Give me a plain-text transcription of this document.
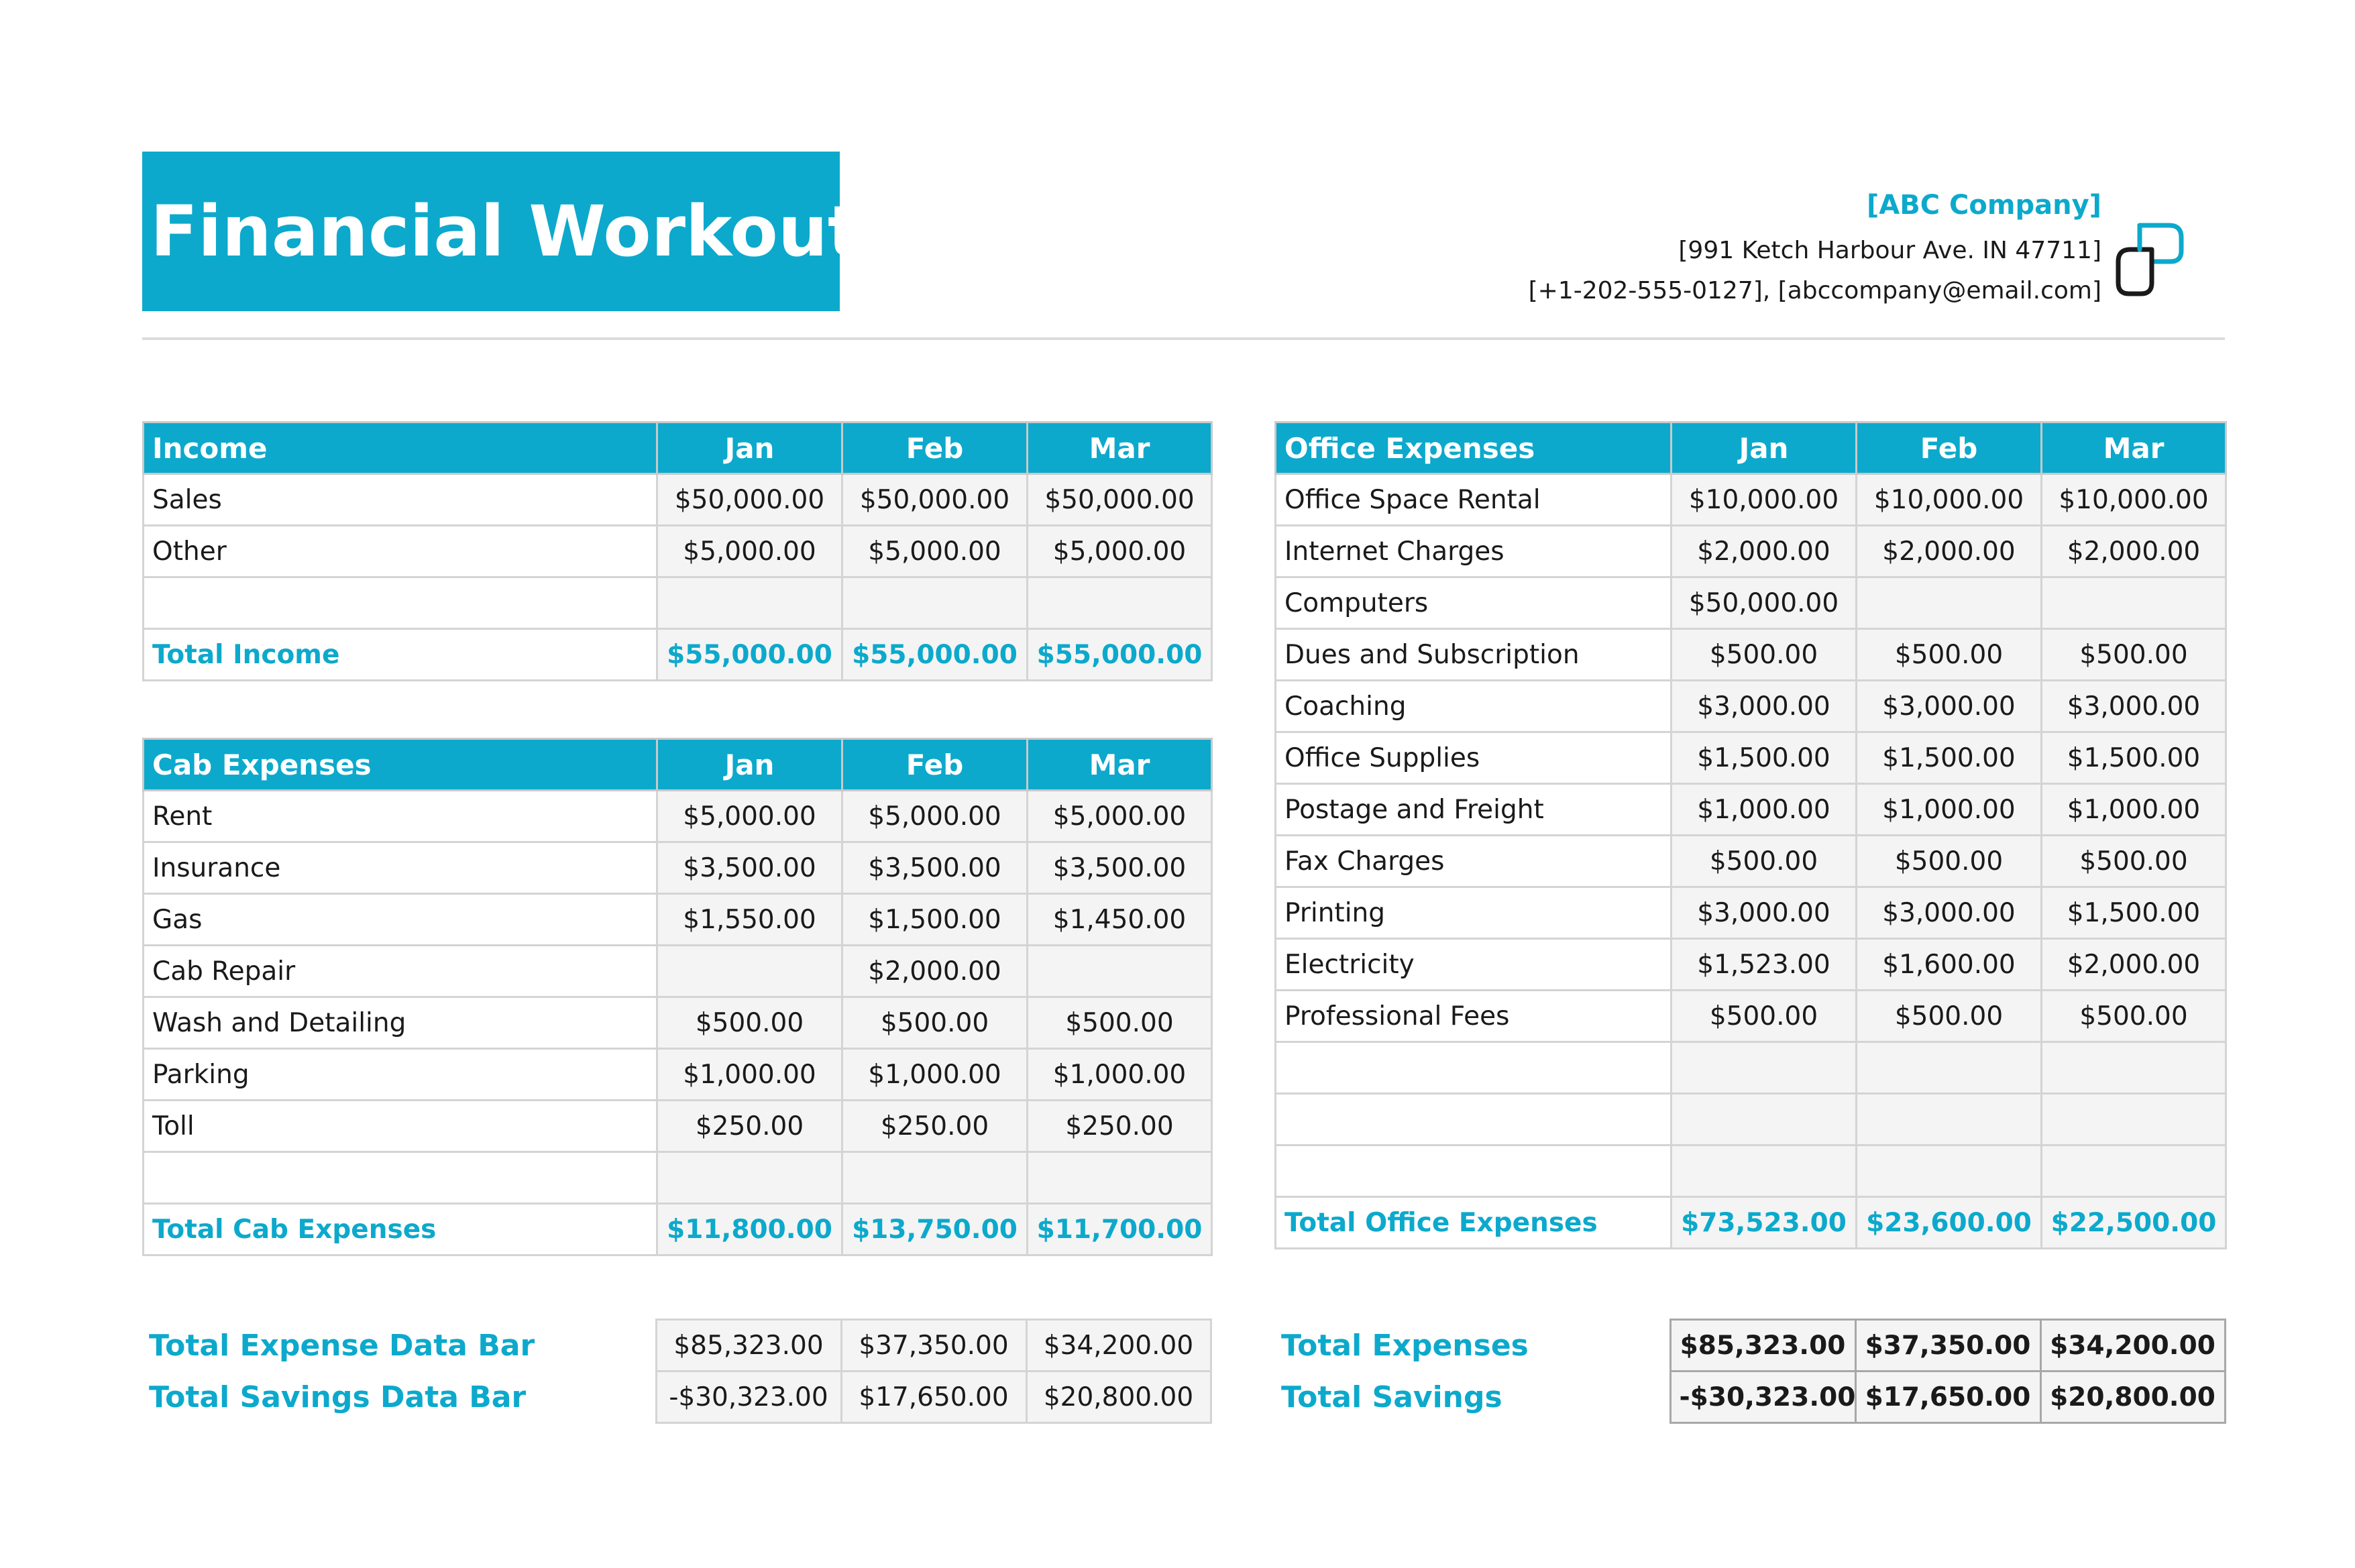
Financial Workout	[ABC Company]
[991 Ketch Harbour Ave. IN 47711]
[+1-202-555-0127], [abccompany@email.com]
Income	Jan	Feb	Mar
Sales	$50,000.00	$50,000.00	$50,000.00
Other	$5,000.00	$5,000.00	$5,000.00

Total Income	$55,000.00	$55,000.00	$55,000.00
Cab Expenses	Jan	Feb	Mar
Rent	$5,000.00	$5,000.00	$5,000.00
Insurance	$3,500.00	$3,500.00	$3,500.00
Gas	$1,550.00	$1,500.00	$1,450.00
Cab Repair		$2,000.00	
Wash and Detailing	$500.00	$500.00	$500.00
Parking	$1,000.00	$1,000.00	$1,000.00
Toll	$250.00	$250.00	$250.00

Total Cab Expenses	$11,800.00	$13,750.00	$11,700.00
Office Expenses	Jan	Feb	Mar
Office Space Rental	$10,000.00	$10,000.00	$10,000.00
Internet Charges	$2,000.00	$2,000.00	$2,000.00
Computers	$50,000.00		
Dues and Subscription	$500.00	$500.00	$500.00
Coaching	$3,000.00	$3,000.00	$3,000.00
Office Supplies	$1,500.00	$1,500.00	$1,500.00
Postage and Freight	$1,000.00	$1,000.00	$1,000.00
Fax Charges	$500.00	$500.00	$500.00
Printing	$3,000.00	$3,000.00	$1,500.00
Electricity	$1,523.00	$1,600.00	$2,000.00
Professional Fees	$500.00	$500.00	$500.00

Total Office Expenses	$73,523.00	$23,600.00	$22,500.00
Total Expense Data Bar	$85,323.00	$37,350.00	$34,200.00
Total Savings Data Bar	-$30,323.00	$17,650.00	$20,800.00
Total Expenses	$85,323.00	$37,350.00	$34,200.00
Total Savings	-$30,323.00	$17,650.00	$20,800.00
